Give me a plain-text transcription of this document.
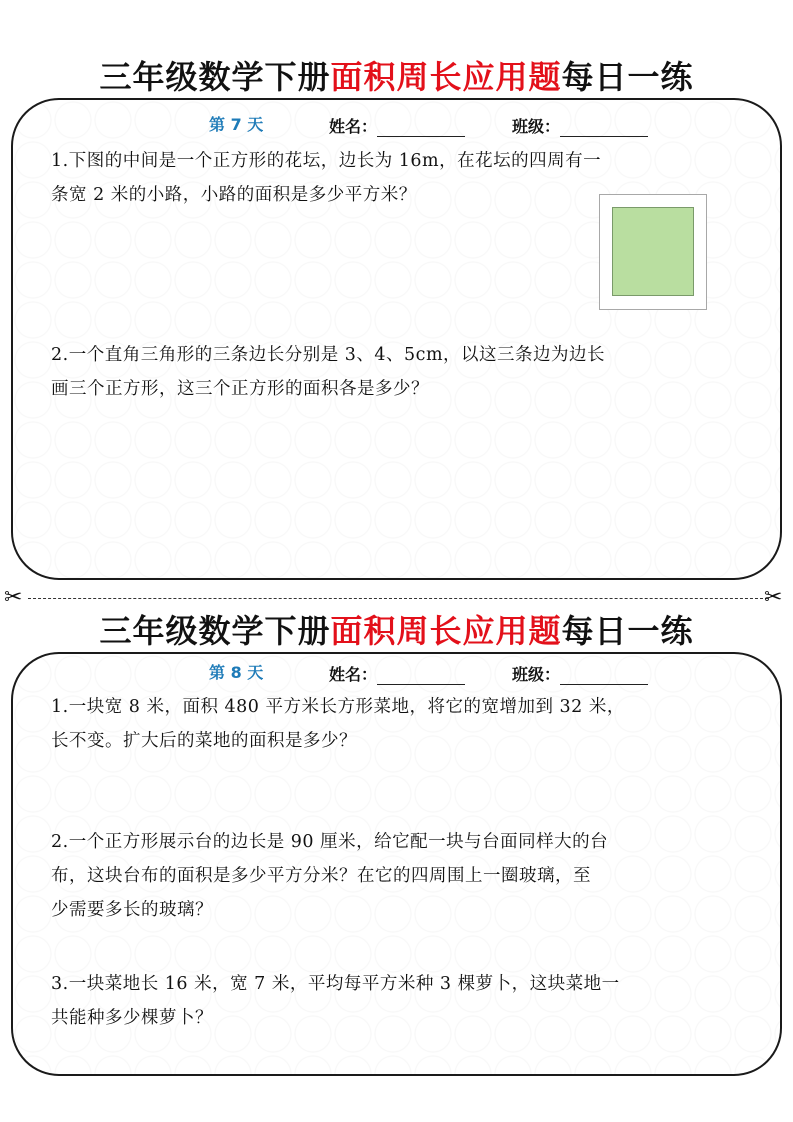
三年级数学下册面积周长应用题每日一练
第 7 天	姓名：	班级：
1.下图的中间是一个正方形的花坛，边长为 16m，在花坛的四周有一
条宽 2 米的小路，小路的面积是多少平方米？
2.一个直角三角形的三条边长分别是 3、4、5cm，以这三条边为边长
画三个正方形，这三个正方形的面积各是多少？
✂	✂
三年级数学下册面积周长应用题每日一练
第 8 天	姓名：	班级：
1.一块宽 8 米，面积 480 平方米长方形菜地，将它的宽增加到 32 米，
长不变。扩大后的菜地的面积是多少？
2.一个正方形展示台的边长是 90 厘米，给它配一块与台面同样大的台
布，这块台布的面积是多少平方分米？在它的四周围上一圈玻璃，至
少需要多长的玻璃？
3.一块菜地长 16 米，宽 7 米，平均每平方米种 3 棵萝卜，这块菜地一
共能种多少棵萝卜？
